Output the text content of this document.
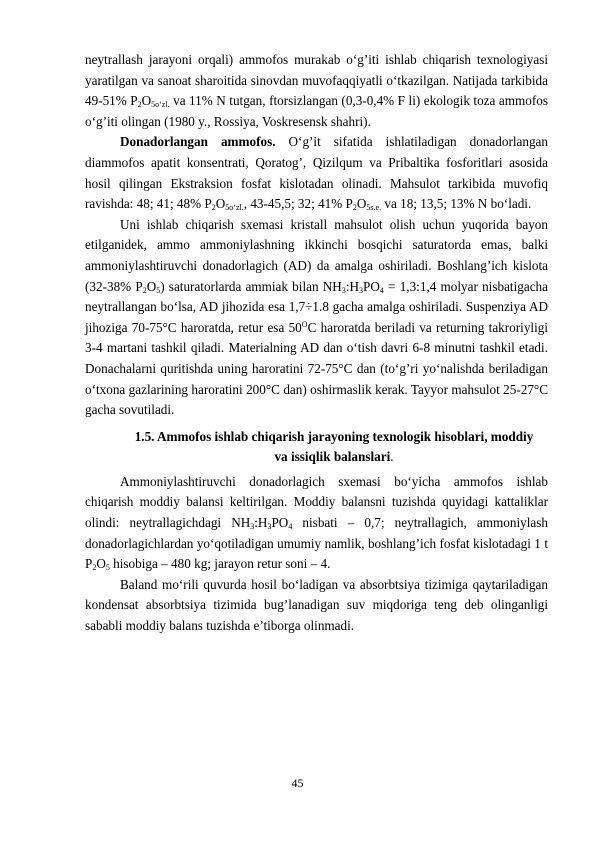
neytrallash jarayoni orqali) ammofos murakab o‘g’iti ishlab chiqarish texnologiyasi yaratilgan va sanoat sharoitida sinovdan muvofaqqiyatli o‘tkazilgan. Natijada tarkibida 49-51% $P_2O_{5o‘zl.}$ va 11% N tutgan, ftorsizlangan (0,3-0,4% F li) ekologik toza ammofos o‘g’iti olingan (1980 y., Rossiya, Voskresensk shahri).

Donadorlangan ammofos. O‘g’it sifatida ishlatiladigan donadorlangan diammofos apatit konsentrati, Qoratog’, Qizilqum va Pribaltika fosforitlari asosida hosil qilingan Ekstraksion fosfat kislotadan olinadi. Mahsulot tarkibida muvofiq ravishda: 48; 41; 48% $P_2O_{5o‘zl.}$, 43-45,5; 32; 41% $P_2O_{5s.e.}$ va 18; 13,5; 13% N bo‘ladi.

Uni ishlab chiqarish sxemasi kristall mahsulot olish uchun yuqorida bayon etilganidek, ammo ammoniylashning ikkinchi bosqichi saturatorda emas, balki ammoniylashtiruvchi donadorlagich (AD) da amalga oshiriladi. Boshlang’ich kislota (32-38% $P_2O_5$) saturatorlarda ammiak bilan $NH_3:H_3PO_4$ = 1,3:1,4 molyar nisbatigacha neytrallangan bo‘lsa, AD jihozida esa 1,7÷1.8 gacha amalga oshiriladi. Suspenziya AD jihoziga 70-75°C haroratda, retur esa $50^OC$ haroratda beriladi va returning takroriyligi 3-4 martani tashkil qiladi. Materialning AD dan o‘tish davri 6-8 minutni tashkil etadi. Donachalarni quritishda uning haroratini 72-75°C dan (to‘g’ri yo‘nalishda beriladigan o‘txona gazlarining haroratini 200°C dan) oshirmaslik kerak. Tayyor mahsulot 25-27°C gacha sovutiladi.

1.5. Ammofos ishlab chiqarish jarayoning texnologik hisoblari, moddiy
va issiqlik balanslari.

Ammoniylashtiruvchi donadorlagich sxemasi bo‘yicha ammofos ishlab chiqarish moddiy balansi keltirilgan. Moddiy balansni tuzishda quyidagi kattaliklar olindi: neytrallagichdagi $NH_3:H_3PO_4$ nisbati – 0,7; neytrallagich, ammoniylash donadorlagichlardan yo‘qotiladigan umumiy namlik, boshlang’ich fosfat kislotadagi 1 t $P_2O_5$ hisobiga – 480 kg; jarayon retur soni – 4.

Baland mo‘rili quvurda hosil bo‘ladigan va absorbtsiya tizimiga qaytariladigan kondensat absorbtsiya tizimida bug’lanadigan suv miqdoriga teng deb olinganligi sababli moddiy balans tuzishda e’tiborga olinmadi.

45
